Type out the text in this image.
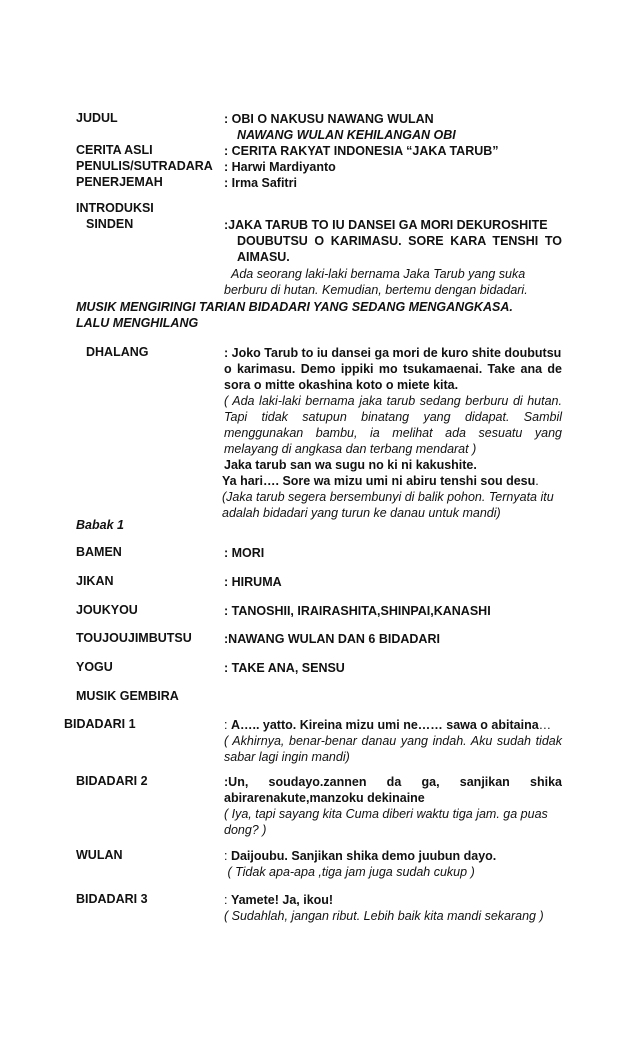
JUDUL	: OBI O NAKUSU NAWANG WULAN
NAWANG WULAN KEHILANGAN OBI
CERITA ASLI	: CERITA RAKYAT INDONESIA “JAKA TARUB”
PENULIS/SUTRADARA : Harwi Mardiyanto
PENERJEMAH	: Irma Safitri
INTRODUKSI
SINDEN	:JAKA TARUB TO IU DANSEI GA MORI DEKUROSHITE
DOUBUTSU O KARIMASU. SORE KARA TENSHI TO
AIMASU.
Ada seorang laki-laki bernama Jaka Tarub yang suka
berburu di hutan. Kemudian, bertemu dengan bidadari.
MUSIK MENGIRINGI TARIAN BIDADARI YANG SEDANG MENGANGKASA.
LALU MENGHILANG
DHALANG	: Joko Tarub to iu dansei ga mori de kuro shite doubutsu
o karimasu. Demo ippiki mo tsukamaenai. Take ana de
sora o mitte okashina koto o miete kita.
( Ada laki-laki bernama jaka tarub sedang berburu di hutan.
Tapi tidak satupun binatang yang didapat. Sambil
menggunakan bambu, ia melihat ada sesuatu yang
melayang di angkasa dan terbang mendarat )
Jaka tarub san wa sugu no ki ni kakushite.
Ya hari…. Sore wa mizu umi ni abiru tenshi sou desu.
(Jaka tarub segera bersembunyi di balik pohon. Ternyata itu
adalah bidadari yang turun ke danau untuk mandi)
Babak 1
BAMEN	: MORI
JIKAN	: HIRUMA
JOUKYOU	: TANOSHII, IRAIRASHITA,SHINPAI,KANASHI
TOUJOUJIMBUTSU	:NAWANG WULAN DAN 6 BIDADARI
YOGU	: TAKE ANA, SENSU
MUSIK GEMBIRA
BIDADARI 1	: A….. yatto. Kireina mizu umi ne…… sawa o abitaina…
( Akhirnya, benar-benar danau yang indah. Aku sudah tidak
sabar lagi ingin mandi)
BIDADARI 2	:Un, soudayo.zannen da ga, sanjikan shika
abirarenakute,manzoku dekinaine
( Iya, tapi sayang kita Cuma diberi waktu tiga jam. ga puas
dong? )
WULAN	: Daijoubu. Sanjikan shika demo juubun dayo.
( Tidak apa-apa ,tiga jam juga sudah cukup )
BIDADARI 3	: Yamete! Ja, ikou!
( Sudahlah, jangan ribut. Lebih baik kita mandi sekarang )
